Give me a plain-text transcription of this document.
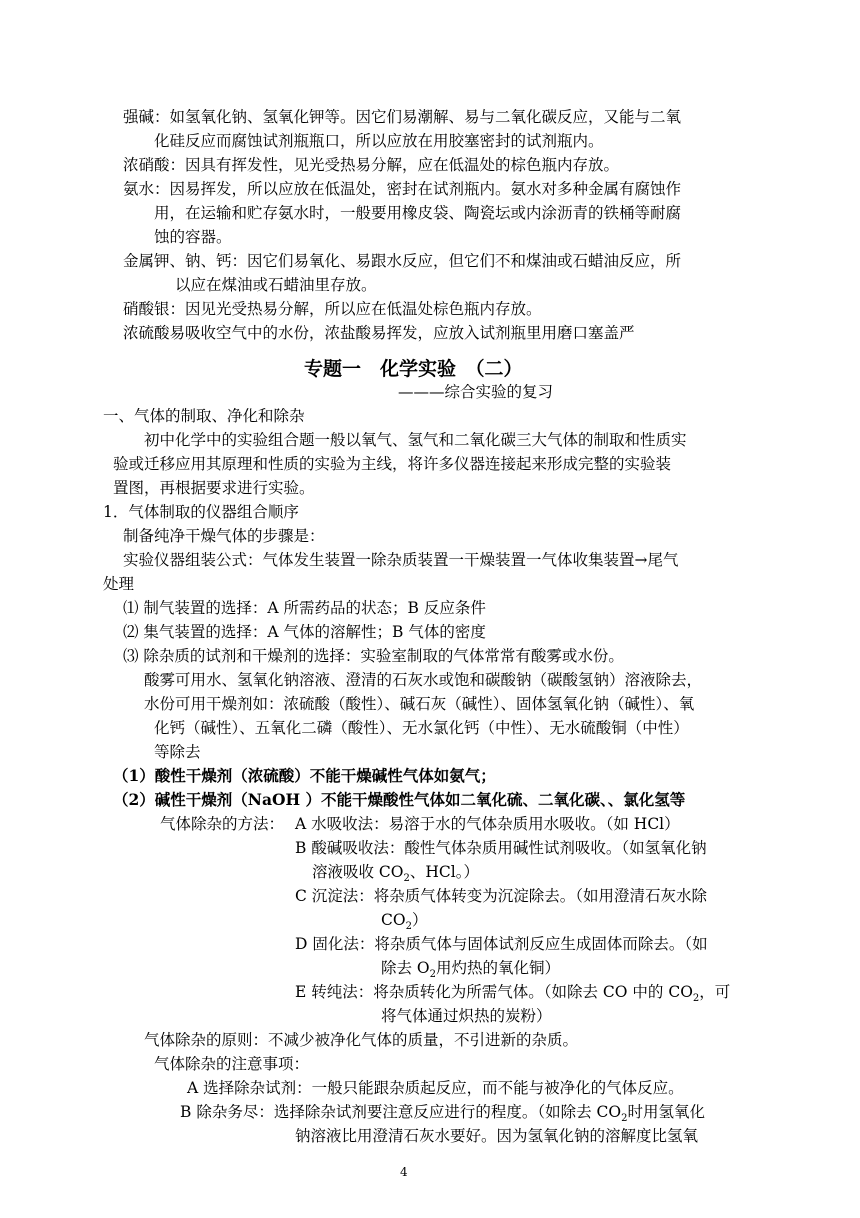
强碱：如氢氧化钠、氢氧化钾等。因它们易潮解、易与二氧化碳反应，又能与二氧
化硅反应而腐蚀试剂瓶瓶口，所以应放在用胶塞密封的试剂瓶内。
浓硝酸：因具有挥发性，见光受热易分解，应在低温处的棕色瓶内存放。
氨水：因易挥发，所以应放在低温处，密封在试剂瓶内。氨水对多种金属有腐蚀作
用，在运输和贮存氨水时，一般要用橡皮袋、陶瓷坛或内涂沥青的铁桶等耐腐
蚀的容器。
金属钾、钠、钙：因它们易氧化、易跟水反应，但它们不和煤油或石蜡油反应，所
以应在煤油或石蜡油里存放。
硝酸银：因见光受热易分解，所以应在低温处棕色瓶内存放。
浓硫酸易吸收空气中的水份，浓盐酸易挥发，应放入试剂瓶里用磨口塞盖严
专题一　化学实验　（二）
———综合实验的复习
一、气体的制取、净化和除杂
初中化学中的实验组合题一般以氧气、氢气和二氧化碳三大气体的制取和性质实
验或迁移应用其原理和性质的实验为主线，将许多仪器连接起来形成完整的实验装
置图，再根据要求进行实验。
1．气体制取的仪器组合顺序
制备纯净干燥气体的步骤是：
实验仪器组装公式：气体发生装置一除杂质装置一干燥装置一气体收集装置→尾气
处理
⑴ 制气装置的选择：A 所需药品的状态；B 反应条件
⑵ 集气装置的选择：A 气体的溶解性；B 气体的密度
⑶ 除杂质的试剂和干燥剂的选择：实验室制取的气体常常有酸雾或水份。
酸雾可用水、氢氧化钠溶液、澄清的石灰水或饱和碳酸钠（碳酸氢钠）溶液除去，
水份可用干燥剂如：浓硫酸（酸性）、碱石灰（碱性）、固体氢氧化钠（碱性）、氧
化钙（碱性）、五氧化二磷（酸性）、无水氯化钙（中性）、无水硫酸铜（中性）
等除去
（1）酸性干燥剂（浓硫酸）不能干燥碱性气体如氨气；
（2）碱性干燥剂（NaOH ）不能干燥酸性气体如二氧化硫、二氧化碳、、氯化氢等
气体除杂的方法： A 水吸收法：易溶于水的气体杂质用水吸收。（如 HCl）
B 酸碱吸收法：酸性气体杂质用碱性试剂吸收。（如氢氧化钠
溶液吸收 $CO_2$、HCl。）
C 沉淀法：将杂质气体转变为沉淀除去。（如用澄清石灰水除
$CO_2$）
D 固化法：将杂质气体与固体试剂反应生成固体而除去。（如
除去 $O_2$用灼热的氧化铜）
E 转纯法：将杂质转化为所需气体。（如除去 CO 中的 $CO_2$，可
将气体通过炽热的炭粉）
气体除杂的原则：不减少被净化气体的质量，不引进新的杂质。
气体除杂的注意事项：
A 选择除杂试剂：一般只能跟杂质起反应，而不能与被净化的气体反应。
B 除杂务尽：选择除杂试剂要注意反应进行的程度。（如除去 $CO_2$时用氢氧化
钠溶液比用澄清石灰水要好。因为氢氧化钠的溶解度比氢氧
4
